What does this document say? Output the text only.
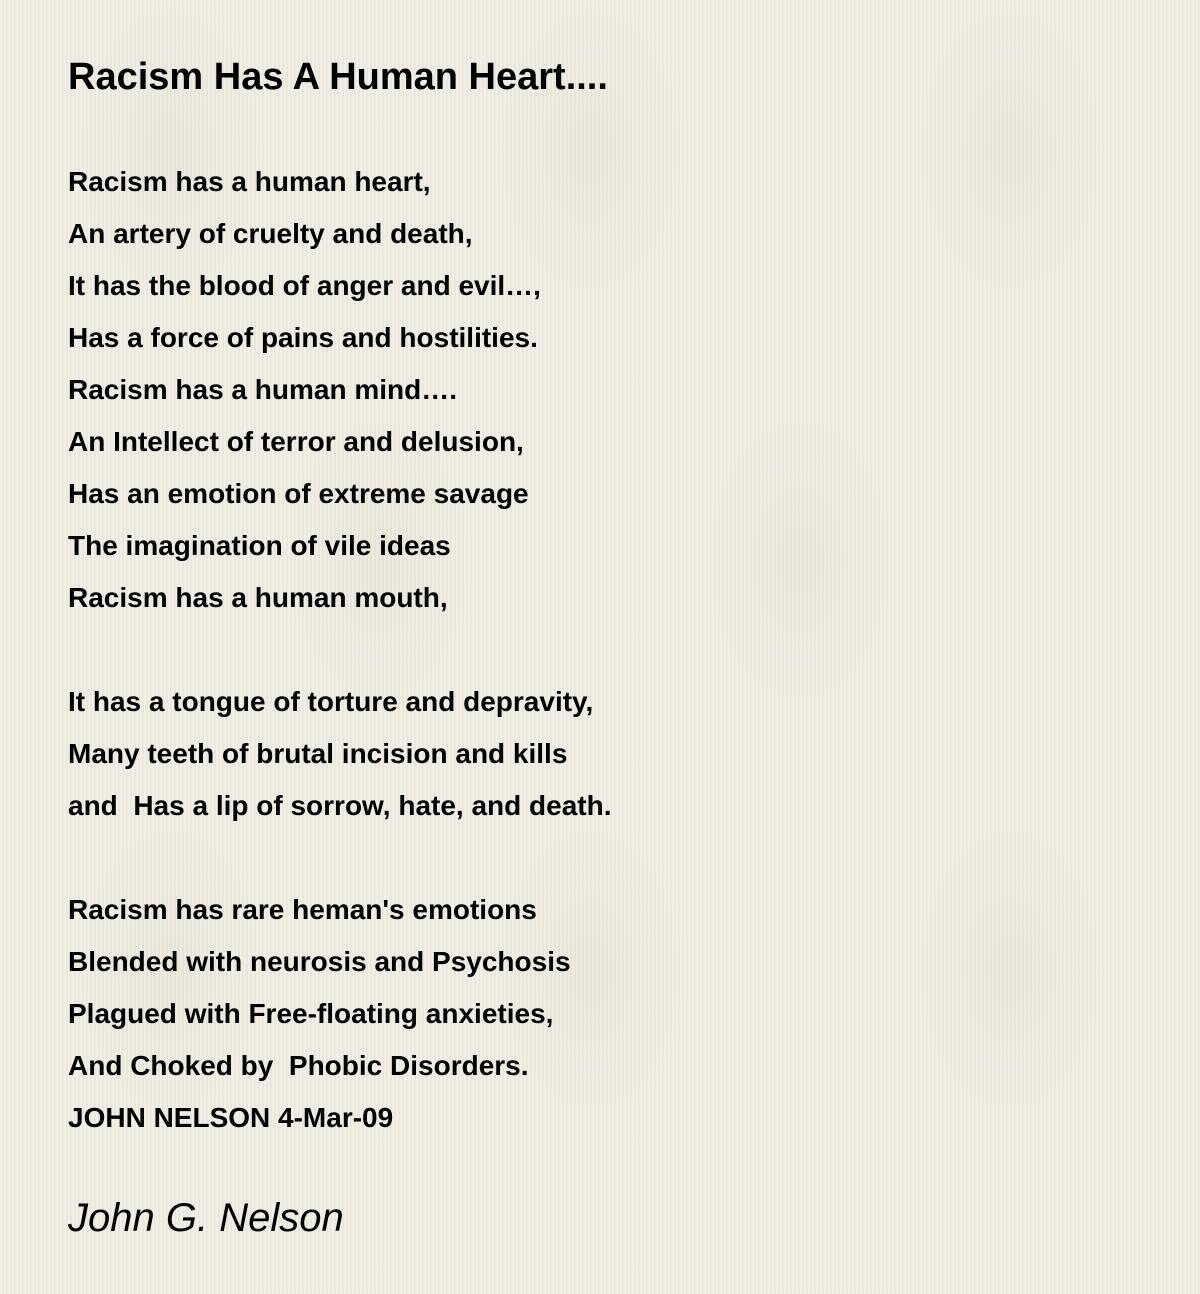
Racism Has A Human Heart....
Racism has a human heart,
An artery of cruelty and death,
It has the blood of anger and evil…,
Has a force of pains and hostilities.
Racism has a human mind….
An Intellect of terror and delusion,
Has an emotion of extreme savage
The imagination of vile ideas
Racism has a human mouth,
It has a tongue of torture and depravity,
Many teeth of brutal incision and kills
and  Has a lip of sorrow, hate, and death.
Racism has rare heman's emotions
Blended with neurosis and Psychosis
Plagued with Free-floating anxieties,
And Choked by  Phobic Disorders.
JOHN NELSON 4-Mar-09
John G. Nelson
